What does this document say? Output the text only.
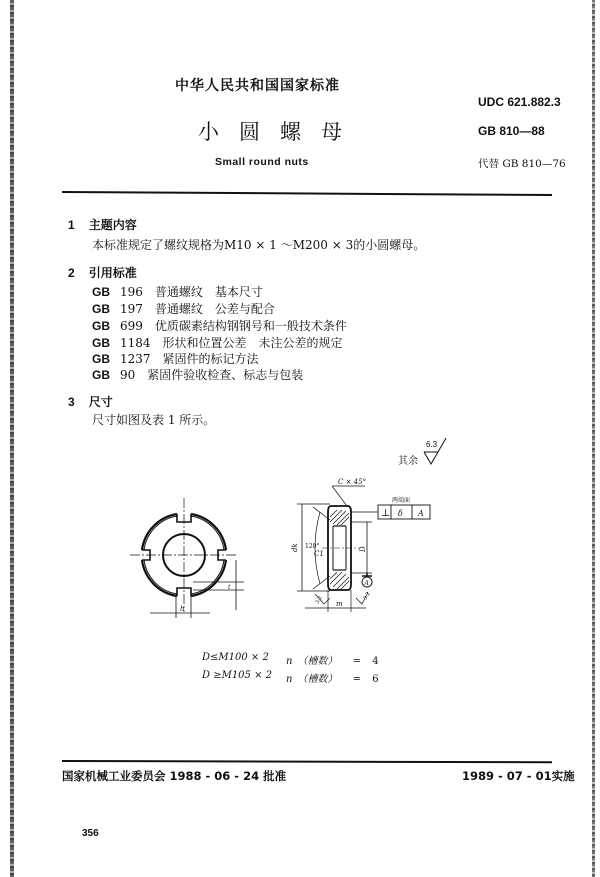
中华人民共和国国家标准
小圆螺母
Small round nuts
UDC 621.882.3
GB 810—88
代替 GB 810—76
1 主题内容
本标准规定了螺纹规格为M10 × 1 ～M200 × 3的小圆螺母。
2 引用标准
GB 196 普通螺纹　基本尺寸
GB 197 普通螺纹　公差与配合
GB 699 优质碳素结构钢钢号和一般技术条件
GB 1184 形状和位置公差　未注公差的规定
GB 1237 紧固件的标记方法
GB 90 紧固件验收检查、标志与包装
3 尺寸
尺寸如图及表 1 所示。
其余
6.3
h
t
⊥ δ A
两端面
C × 45°
120°
dk	D
C1
m
A
3.2	3.2
D≤M100 × 2 n　（槽数） = 4
D ≥M105 × 2 n　（槽数） = 6
国家机械工业委员会 1988 - 06 - 24 批准	1989 - 07 - 01实施
356
